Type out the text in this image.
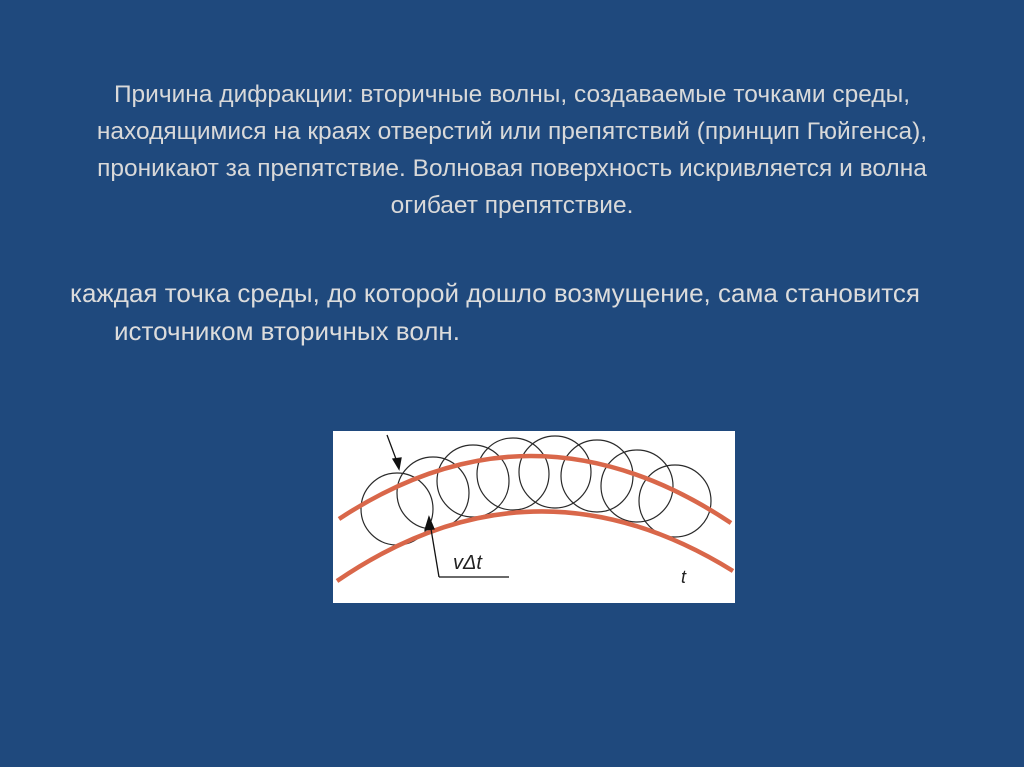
Причина дифракции: вторичные волны, создаваемые точками среды, находящимися на краях отверстий или препятствий (принцип Гюйгенса), проникают за препятствие. Волновая поверхность искривляется и волна огибает препятствие.
каждая точка среды, до которой дошло возмущение, сама становится источником вторичных волн.
vΔt
t
